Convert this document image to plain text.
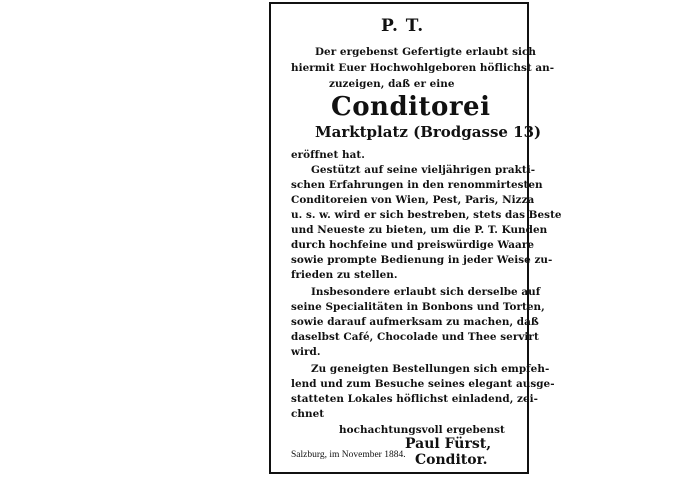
P. T.
Der ergebenst Gefertigte erlaubt sich
hiermit Euer Hochwohlgeboren höflichst an-
zuzeigen, daß er eine
Conditorei
Marktplatz (Brodgasse 13)
eröffnet hat.
Gestützt auf seine vieljährigen prakti-
schen Erfahrungen in den renommirtesten
Conditoreien von Wien, Pest, Paris, Nizza
u. s. w. wird er sich bestreben, stets das Beste
und Neueste zu bieten, um die P. T. Kunden
durch hochfeine und preiswürdige Waare
sowie prompte Bedienung in jeder Weise zu-
frieden zu stellen.
Insbesondere erlaubt sich derselbe auf
seine Specialitäten in Bonbons und Torten,
sowie darauf aufmerksam zu machen, daß
daselbst Café, Chocolade und Thee servirt
wird.
Zu geneigten Bestellungen sich empfeh-
lend und zum Besuche seines elegant ausge-
statteten Lokales höflichst einladend, zei-
chnet
hochachtungsvoll ergebenst
Paul Fürst,
Conditor.
Salzburg, im November 1884.
